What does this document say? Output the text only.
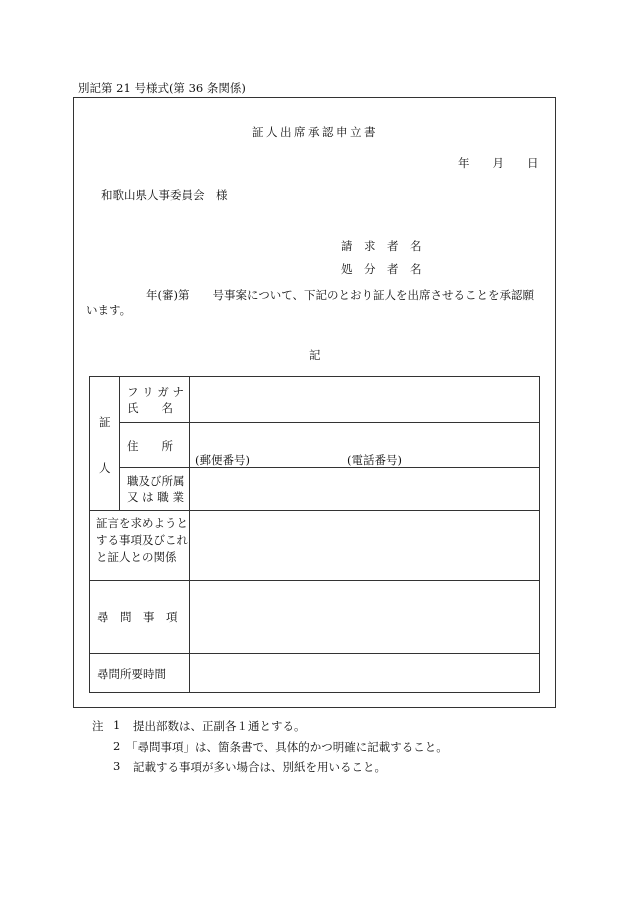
別記第 21 号様式(第 36 条関係)
証人出席承認申立書
年　　月　　日
和歌山県人事委員会　様
請　求　者　名
処　分　者　名
年(審)第　　号事案について、下記のとおり証人を出席させることを承認願
います。
記
証
人
フ リ ガ ナ
氏　　名
住　　所
(郵便番号)	(電話番号)
職及び所属
又 は 職 業
証言を求めようとする事項及びこれと証人との関係
尋　問　事　項
尋問所要時間
注 1 提出部数は、正副各１通とする。
2 「尋問事項」は、箇条書で、具体的かつ明確に記載すること。
3 記載する事項が多い場合は、別紙を用いること。
